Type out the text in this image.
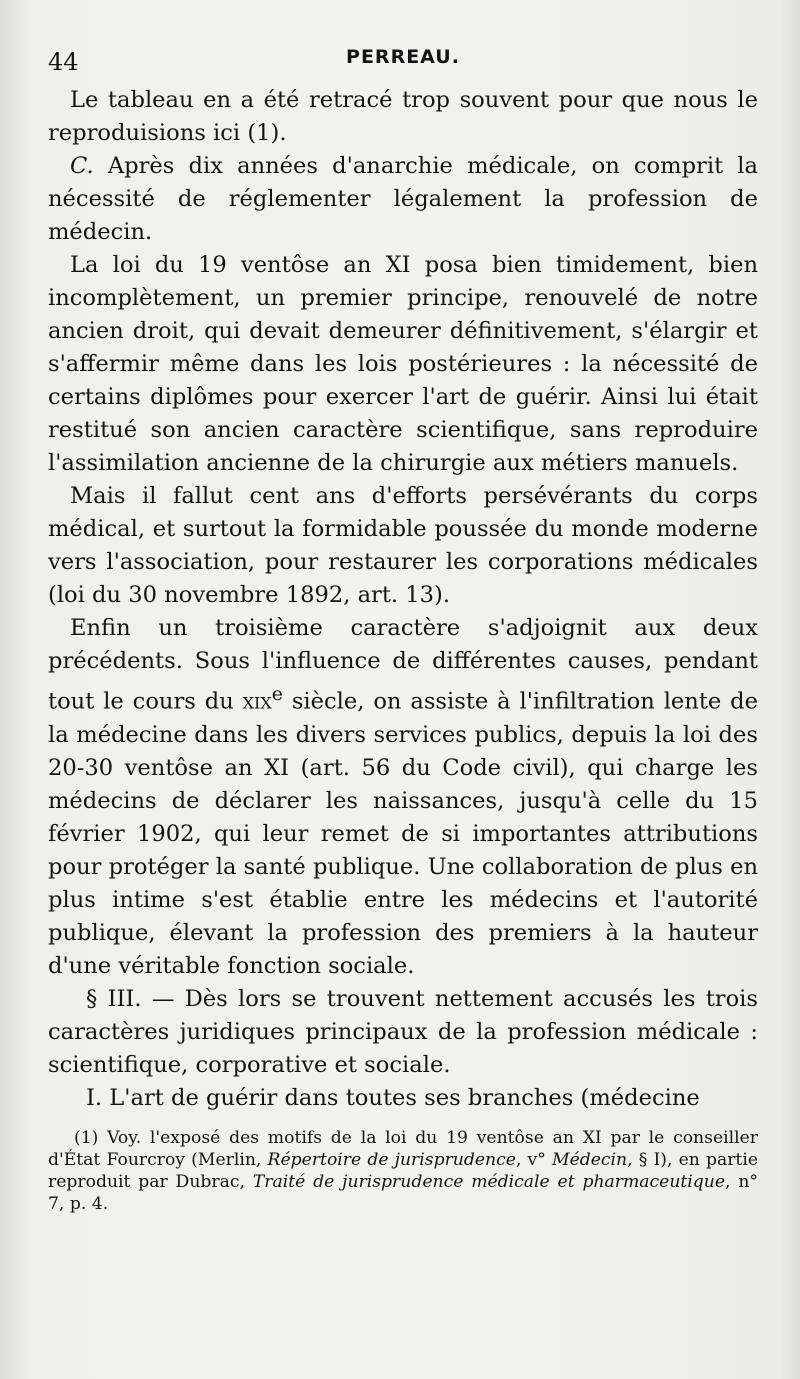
44	PERREAU.

Le tableau en a été retracé trop souvent pour que nous le reproduisions ici (1).

C. Après dix années d'anarchie médicale, on comprit la nécessité de réglementer légalement la profession de médecin.

La loi du 19 ventôse an XI posa bien timidement, bien incomplètement, un premier principe, renouvelé de notre ancien droit, qui devait demeurer définitivement, s'élargir et s'affermir même dans les lois postérieures : la nécessité de certains diplômes pour exercer l'art de guérir. Ainsi lui était restitué son ancien caractère scientifique, sans reproduire l'assimilation ancienne de la chirurgie aux métiers manuels.

Mais il fallut cent ans d'efforts persévérants du corps médical, et surtout la formidable poussée du monde moderne vers l'association, pour restaurer les corporations médicales (loi du 30 novembre 1892, art. 13).

Enfin un troisième caractère s'adjoignit aux deux précédents. Sous l'influence de différentes causes, pendant tout le cours du xix$^e$ siècle, on assiste à l'infiltration lente de la médecine dans les divers services publics, depuis la loi des 20-30 ventôse an XI (art. 56 du Code civil), qui charge les médecins de déclarer les naissances, jusqu'à celle du 15 février 1902, qui leur remet de si importantes attributions pour protéger la santé publique. Une collaboration de plus en plus intime s'est établie entre les médecins et l'autorité publique, élevant la profession des premiers à la hauteur d'une véritable fonction sociale.

§ III. — Dès lors se trouvent nettement accusés les trois caractères juridiques principaux de la profession médicale : scientifique, corporative et sociale.

I. L'art de guérir dans toutes ses branches (médecine

(1) Voy. l'exposé des motifs de la loi du 19 ventôse an XI par le conseiller d'État Fourcroy (Merlin, Répertoire de jurisprudence, v° Médecin, § I), en partie reproduit par Dubrac, Traité de jurisprudence médicale et pharmaceutique, n° 7, p. 4.
